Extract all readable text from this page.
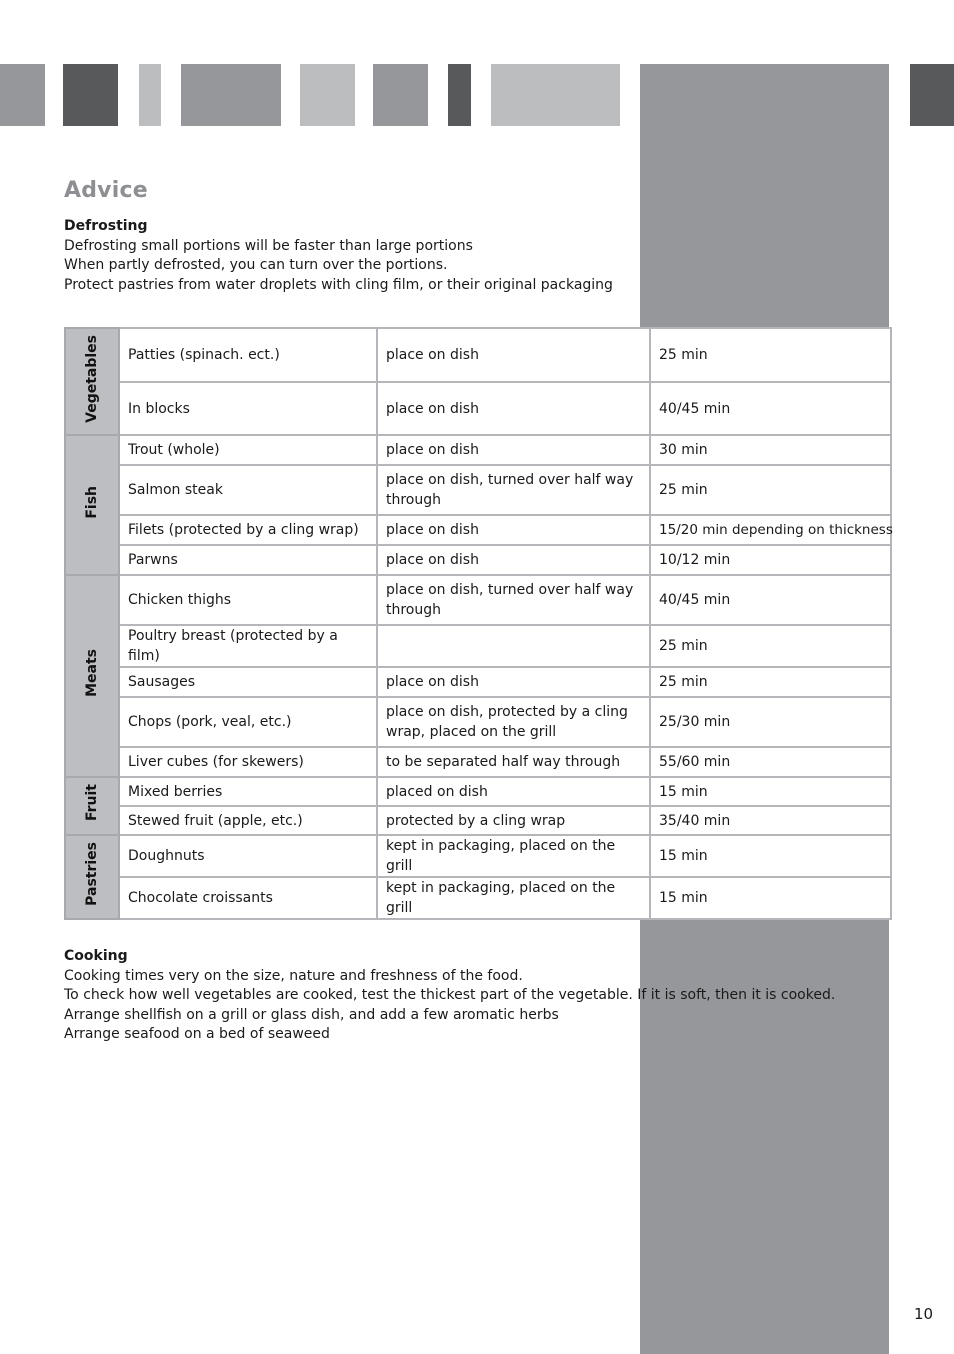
Advice
Defrosting
Defrosting small portions will be faster than large portions
When partly defrosted, you can turn over the portions.
Protect pastries from water droplets with cling film, or their original packaging
Vegetables	Patties (spinach. ect.)	place on dish	25 min
	In blocks	place on dish	40/45 min
Fish	Trout (whole)	place on dish	30 min
	Salmon steak	place on dish, turned over half way through	25 min
	Filets (protected by a cling wrap)	place on dish	15/20 min depending on thickness
	Parwns	place on dish	10/12 min
Meats	Chicken thighs	place on dish, turned over half way through	40/45 min
	Poultry breast (protected by a film)		25 min
	Sausages	place on dish	25 min
	Chops (pork, veal, etc.)	place on dish, protected by a cling wrap, placed on the grill	25/30 min
	Liver cubes (for skewers)	to be separated half way through	55/60 min
Fruit	Mixed berries	placed on dish	15 min
	Stewed fruit (apple, etc.)	protected by a cling wrap	35/40 min
Pastries	Doughnuts	kept in packaging, placed on the grill	15 min
	Chocolate croissants	kept in packaging, placed on the grill	15 min
Cooking
Cooking times very on the size, nature and freshness of the food.
To check how well vegetables are cooked, test the thickest part of the vegetable. If it is soft, then it is cooked.
Arrange shellfish on a grill or glass dish, and add a few aromatic herbs
Arrange seafood on a bed of seaweed
10
